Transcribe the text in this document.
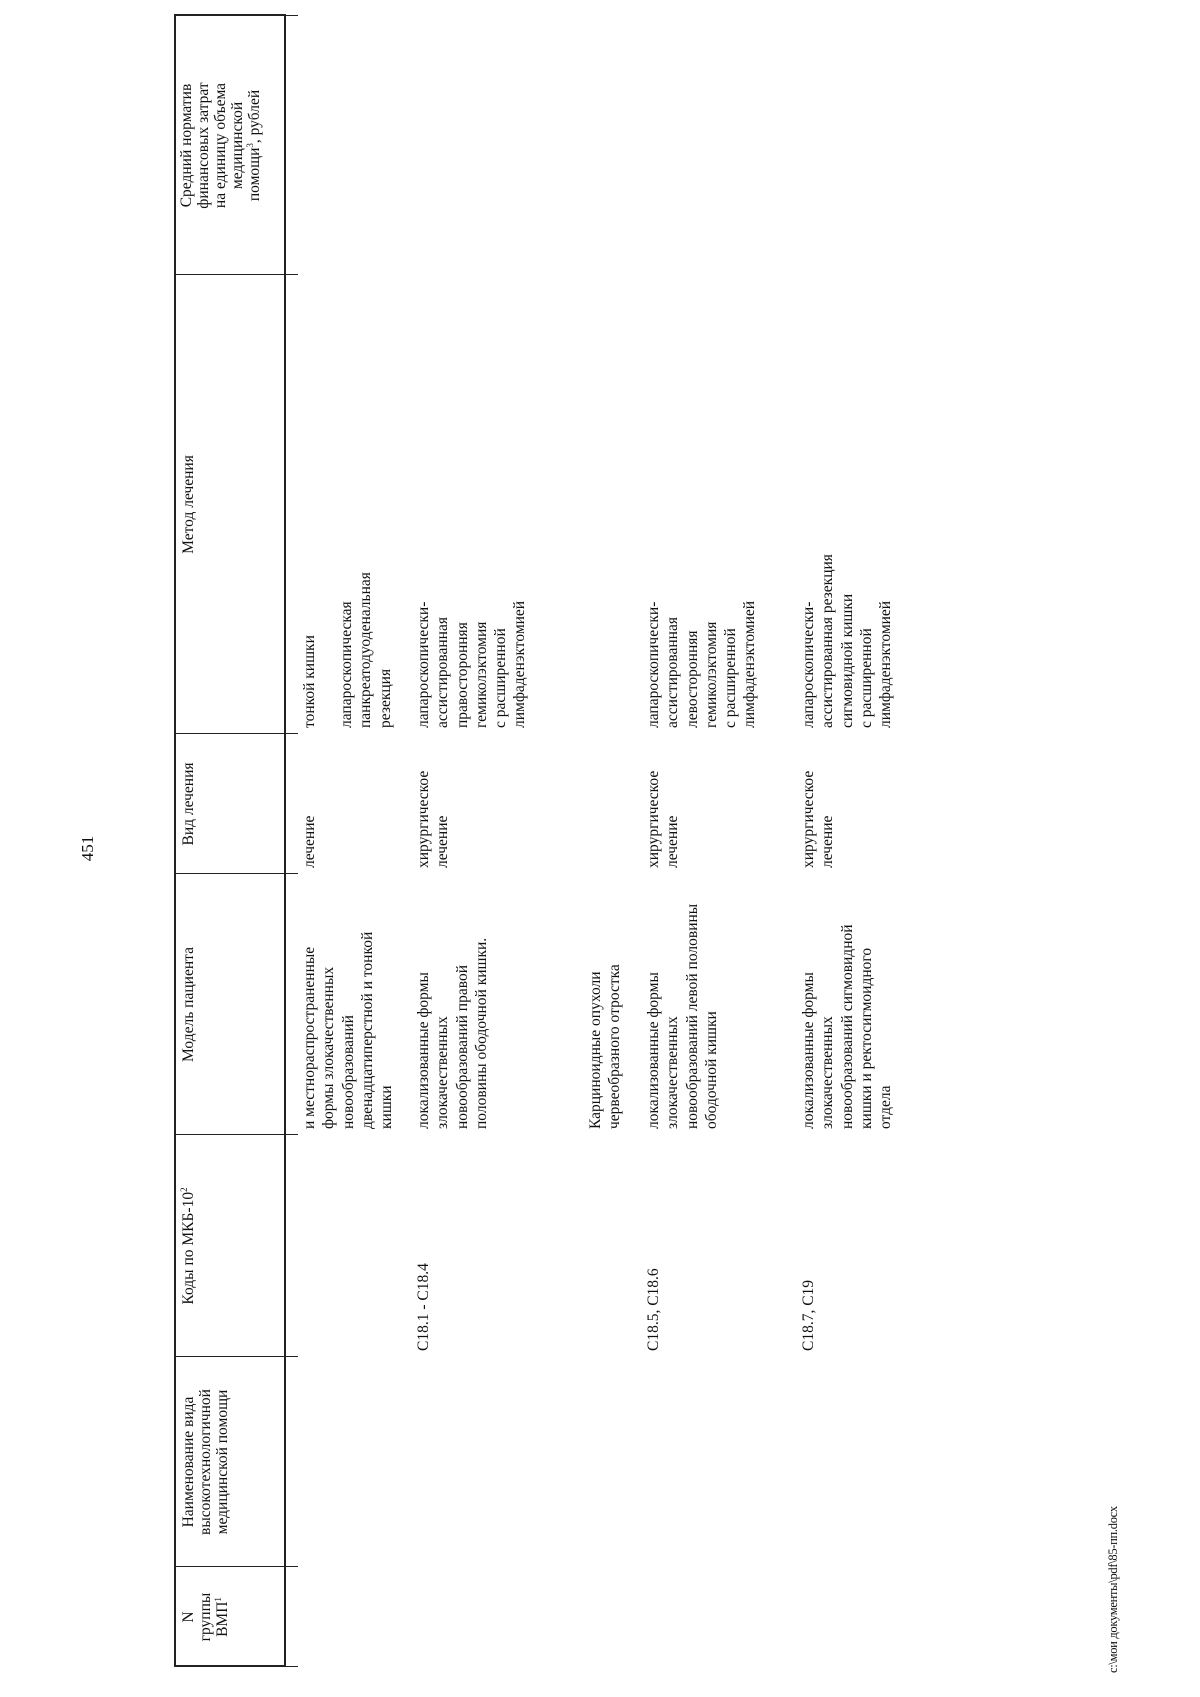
451
N
группы
ВМП$^1$
Наименование вида
высокотехнологичной
медицинской помощи
Коды по МКБ-$10^2$
Модель пациента
Вид лечения
Метод лечения
Средний норматив
финансовых затрат
на единицу объема
медицинской
помощи$^3$, рублей
и местнораспространенные
формы злокачественных
новообразований
двенадцатиперстной и тонкой
кишки
лечение
тонкой кишки лапароскопическая
панкреатодуоденальная
резекция
C18.1 - C18.4
локализованные формы
злокачественных
новообразований правой
половины ободочной кишки.
хирургическое
лечение
лапароскопически-
ассистированная
правосторонняя
гемиколэктомия
с расширенной
лимфаденэктомией
Карциноидные опухоли
червеобразного отростка
C18.5, C18.6
локализованные формы
злокачественных
новообразований левой половины
ободочной кишки
хирургическое
лечение
лапароскопически-
ассистированная
левосторонняя
гемиколэктомия
с расширенной
лимфаденэктомией
C18.7, C19
локализованные формы
злокачественных
новообразований сигмовидной
кишки и ректосигмоидного
отдела
хирургическое
лечение
лапароскопически-
ассистированная резекция
сигмовидной кишки
с расширенной
лимфаденэктомией
c:\мои документы\pdf\85-пп.docx
